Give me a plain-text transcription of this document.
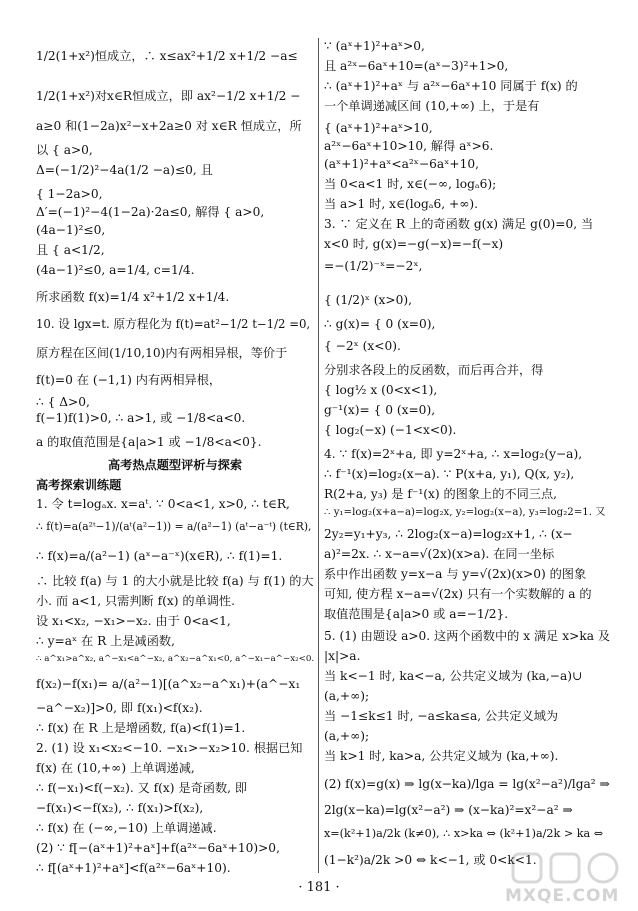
1/2(1+x²)恒成立，∴ x≤ax²+1/2 x+1/2 −a≤
1/2(1+x²)对x∈R恒成立，即 ax²−1/2 x+1/2 −
a≥0 和(1−2a)x²−x+2a≥0 对 x∈R 恒成立，所
以 { a>0,
Δ=(−1/2)²−4a(1/2 −a)≤0, 且
{ 1−2a>0,
Δ′=(−1)²−4(1−2a)·2a≤0, 解得 { a>0,
(4a−1)²≤0,
且 { a<1/2,
(4a−1)²≤0, a=1/4, c=1/4.
所求函数 f(x)=1/4 x²+1/2 x+1/4.
10. 设 lgx=t. 原方程化为 f(t)=at²−1/2 t−1/2 =0,
原方程在区间(1/10,10)内有两相异根，等价于
f(t)=0 在 (−1,1) 内有两相异根，
∴ { Δ>0,
f(−1)f(1)>0, ∴ a>1, 或 −1/8<a<0.
a 的取值范围是{a|a>1 或 −1/8<a<0}.
高考热点题型评析与探索
高考探索训练题
1. 令 t=logₐx. x=aᵗ. ∵ 0<a<1, x>0, ∴ t∈R,
∴ f(t)=a(a²ᵗ−1)/(aᵗ(a²−1)) = a/(a²−1) (aᵗ−a⁻ᵗ) (t∈R),
∴ f(x)=a/(a²−1) (aˣ−a⁻ˣ)(x∈R), ∴ f(1)=1.
∴ 比较 f(a) 与 1 的大小就是比较 f(a) 与 f(1) 的大
小. 而 a<1, 只需判断 f(x) 的单调性.
设 x₁<x₂, −x₁>−x₂. 由于 0<a<1,
∴ y=aˣ 在 R 上是减函数,
∴ a^x₁>a^x₂, a^−x₁<a^−x₂, a^x₂−a^x₁<0, a^−x₁−a^−x₂<0.
f(x₂)−f(x₁)= a/(a²−1)[(a^x₂−a^x₁)+(a^−x₁
−a^−x₂)]>0, 即 f(x₁)<f(x₂).
∴ f(x) 在 R 上是增函数, f(a)<f(1)=1.
2. (1) 设 x₁<x₂<−10. −x₁>−x₂>10. 根据已知
f(x) 在 (10,+∞) 上单调递减,
∴ f(−x₁)<f(−x₂). 又 f(x) 是奇函数, 即
−f(x₁)<−f(x₂), ∴ f(x₁)>f(x₂),
∴ f(x) 在 (−∞,−10) 上单调递减.
(2) ∵ f[−(aˣ+1)²+aˣ]+f(a²ˣ−6aˣ+10)>0,
∴ f[(aˣ+1)²+aˣ]<f(a²ˣ−6aˣ+10).
∵ (aˣ+1)²+aˣ>0,
且 a²ˣ−6aˣ+10=(aˣ−3)²+1>0,
∴ (aˣ+1)²+aˣ 与 a²ˣ−6aˣ+10 同属于 f(x) 的
一个单调递减区间 (10,+∞) 上，于是有
{ (aˣ+1)²+aˣ>10,
a²ˣ−6aˣ+10>10, 解得 aˣ>6.
(aˣ+1)²+aˣ<a²ˣ−6aˣ+10,
当 0<a<1 时, x∈(−∞, logₐ6);
当 a>1 时, x∈(logₐ6, +∞).
3. ∵ 定义在 R 上的奇函数 g(x) 满足 g(0)=0, 当
x<0 时, g(x)=−g(−x)=−f(−x)
=−(1/2)⁻ˣ=−2ˣ,
{ (1/2)ˣ (x>0),
∴ g(x)= { 0 (x=0),
{ −2ˣ (x<0).
分别求各段上的反函数，而后再合并，得
{ log½ x (0<x<1),
g⁻¹(x)= { 0 (x=0),
{ log₂(−x) (−1<x<0).
4. ∵ f(x)=2ˣ+a, 即 y=2ˣ+a, ∴ x=log₂(y−a),
∴ f⁻¹(x)=log₂(x−a). ∵ P(x+a, y₁), Q(x, y₂),
R(2+a, y₃) 是 f⁻¹(x) 的图象上的不同三点,
∴ y₁=log₂(x+a−a)=log₂x, y₂=log₂(x−a), y₃=log₂2=1. 又
2y₂=y₁+y₃, ∴ 2log₂(x−a)=log₂x+1, ∴ (x−
a)²=2x. ∴ x−a=√(2x)(x>a). 在同一坐标
系中作出函数 y=x−a 与 y=√(2x)(x>0) 的图象
可知, 使方程 x−a=√(2x) 只有一个实数解的 a 的
取值范围是{a|a>0 或 a=−1/2}.
5. (1) 由题设 a>0. 这两个函数中的 x 满足 x>ka 及
|x|>a.
当 k<−1 时, ka<−a, 公共定义域为 (ka,−a)∪
(a,+∞);
当 −1≤k≤1 时, −a≤ka≤a, 公共定义域为
(a,+∞);
当 k>1 时, ka>a, 公共定义域为 (ka,+∞).
(2) f(x)=g(x) ⇒ lg(x−ka)/lga = lg(x²−a²)/lga² ⇒
2lg(x−ka)=lg(x²−a²) ⇒ (x−ka)²=x²−a² ⇒
x=(k²+1)a/2k (k≠0), ∴ x>ka ⇔ (k²+1)a/2k > ka ⇔
(1−k²)a/2k >0 ⇔ k<−1, 或 0<k<1.
· 181 ·	MXQE.COM
